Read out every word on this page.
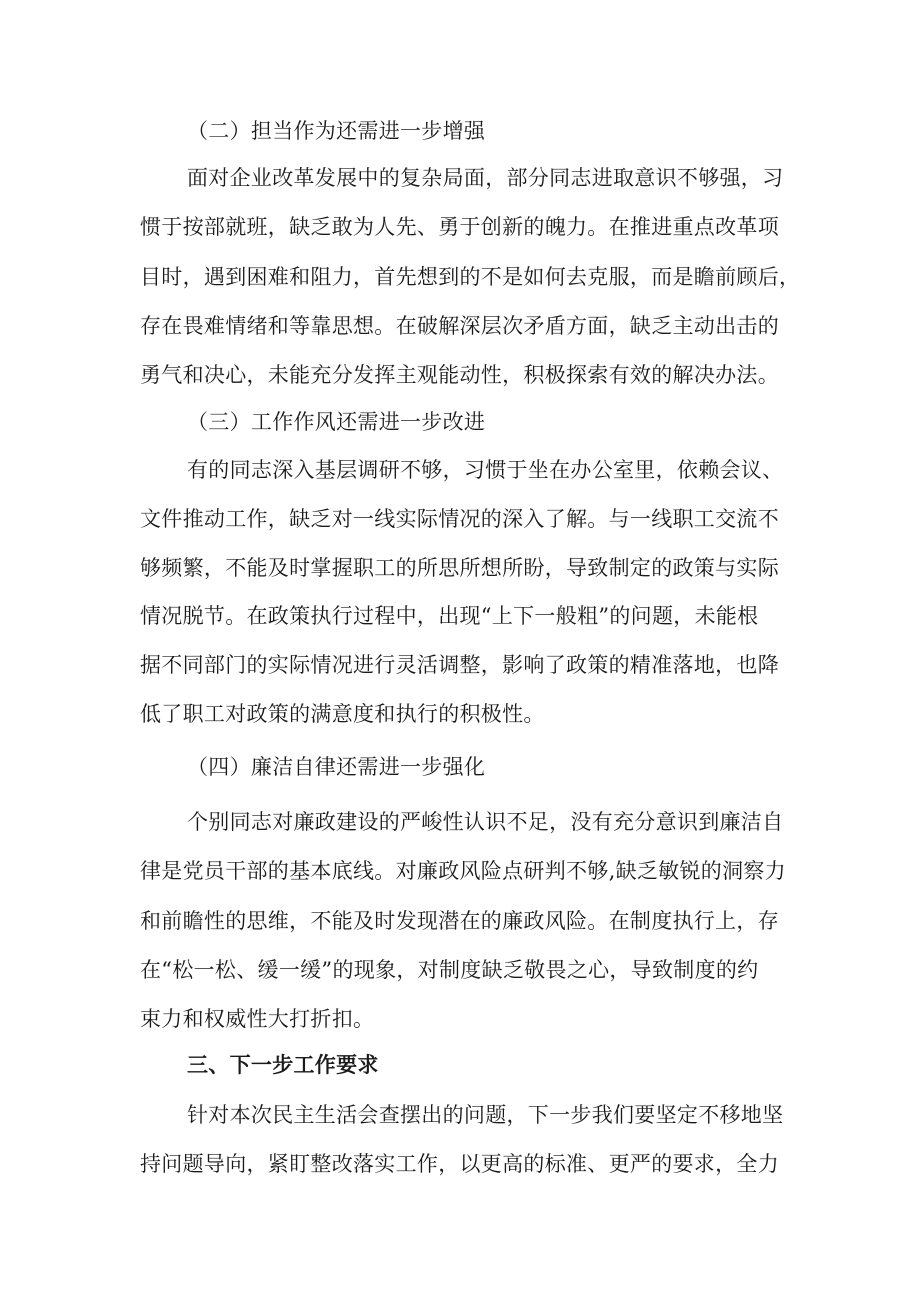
（二）担当作为还需进一步增强
面对企业改革发展中的复杂局面，部分同志进取意识不够强，习
惯于按部就班，缺乏敢为人先、勇于创新的魄力。在推进重点改革项
目时，遇到困难和阻力，首先想到的不是如何去克服，而是瞻前顾后，
存在畏难情绪和等靠思想。在破解深层次矛盾方面，缺乏主动出击的
勇气和决心，未能充分发挥主观能动性，积极探索有效的解决办法。
（三）工作作风还需进一步改进
有的同志深入基层调研不够，习惯于坐在办公室里，依赖会议、
文件推动工作，缺乏对一线实际情况的深入了解。与一线职工交流不
够频繁，不能及时掌握职工的所思所想所盼，导致制定的政策与实际
情况脱节。在政策执行过程中，出现“上下一般粗”的问题，未能根
据不同部门的实际情况进行灵活调整，影响了政策的精准落地，也降
低了职工对政策的满意度和执行的积极性。
（四）廉洁自律还需进一步强化
个别同志对廉政建设的严峻性认识不足，没有充分意识到廉洁自
律是党员干部的基本底线。对廉政风险点研判不够,缺乏敏锐的洞察力
和前瞻性的思维，不能及时发现潜在的廉政风险。在制度执行上，存
在“松一松、缓一缓”的现象，对制度缺乏敬畏之心，导致制度的约
束力和权威性大打折扣。
三、下一步工作要求
针对本次民主生活会查摆出的问题，下一步我们要坚定不移地坚
持问题导向，紧盯整改落实工作，以更高的标准、更严的要求，全力
